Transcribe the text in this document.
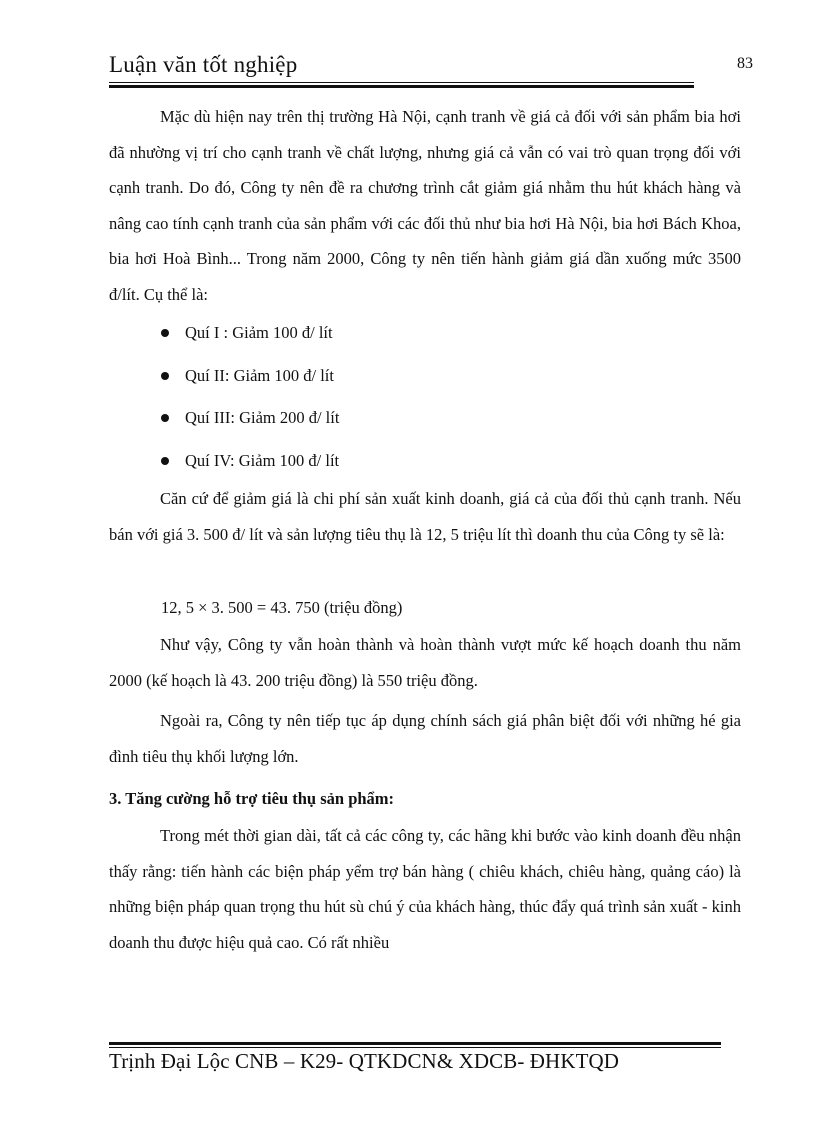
Luận văn tốt nghiệp	83

Mặc dù hiện nay trên thị trường Hà Nội, cạnh tranh về giá cả đối với sản phẩm bia hơi đã nhường vị trí cho cạnh tranh về chất lượng, nhưng giá cả vẫn có vai trò quan trọng đối với cạnh tranh. Do đó, Công ty nên đề ra chương trình cắt giảm giá nhằm thu hút khách hàng và nâng cao tính cạnh tranh của sản phẩm với các đối thủ như bia hơi Hà Nội, bia hơi Bách Khoa, bia hơi Hoà Bình... Trong năm 2000, Công ty nên tiến hành giảm giá dần xuống mức 3500 đ/lít. Cụ thể là:

Quí I : Giảm 100 đ/ lít
Quí II: Giảm 100 đ/ lít
Quí III: Giảm 200 đ/ lít
Quí IV: Giảm 100 đ/ lít

Căn cứ để giảm giá là chi phí sản xuất kinh doanh, giá cả của đối thủ cạnh tranh. Nếu bán với giá 3. 500 đ/ lít và sản lượng tiêu thụ là 12, 5 triệu lít thì doanh thu của Công ty sẽ là:

12, 5 × 3. 500 = 43. 750 (triệu đồng)

Như vậy, Công ty vẫn hoàn thành và hoàn thành vượt mức kế hoạch doanh thu năm 2000 (kế hoạch là 43. 200 triệu đồng) là 550 triệu đồng.

Ngoài ra, Công ty nên tiếp tục áp dụng chính sách giá phân biệt đối với những hé gia đình tiêu thụ khối lượng lớn.

3. Tăng cường hỗ trợ tiêu thụ sản phẩm:

Trong mét thời gian dài, tất cả các công ty, các hãng khi bước vào kinh doanh đều nhận thấy rằng: tiến hành các biện pháp yểm trợ bán hàng ( chiêu khách, chiêu hàng, quảng cáo) là những biện pháp quan trọng thu hút sù chú ý của khách hàng, thúc đẩy quá trình sản xuất - kinh doanh thu được hiệu quả cao. Có rất nhiều

Trịnh Đại Lộc CNB – K29- QTKDCN& XDCB- ĐHKTQD
